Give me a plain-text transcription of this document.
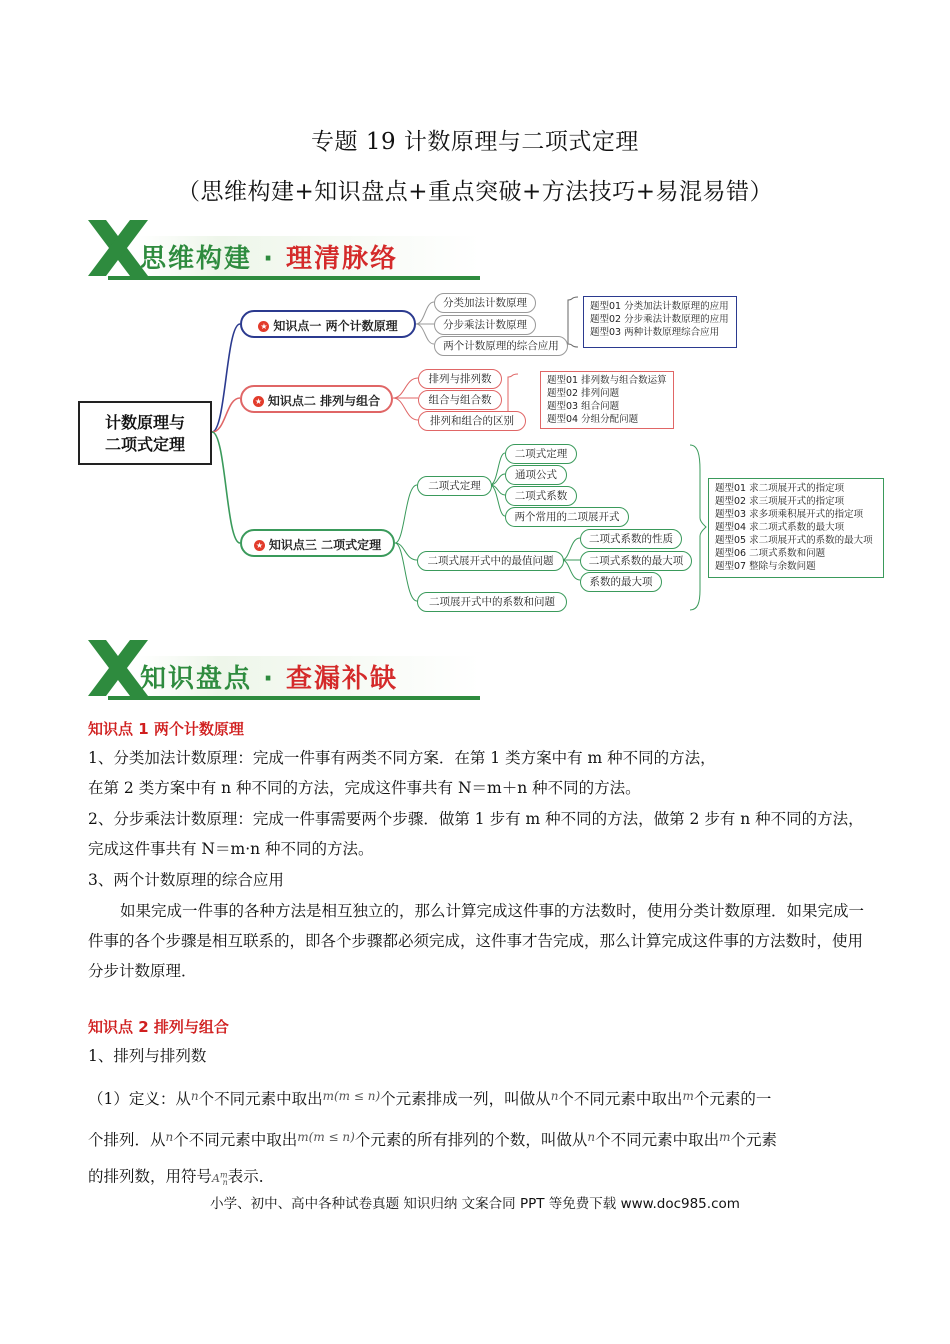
专题 19 计数原理与二项式定理
（思维构建+知识盘点+重点突破+方法技巧+易混易错）
思维构建 · 理清脉络
计数原理与
二项式定理
★ 知识点一 两个计数原理
分类加法计数原理
分步乘法计数原理
两个计数原理的综合应用
题型01 分类加法计数原理的应用
题型02 分步乘法计数原理的应用
题型03 两种计数原理综合应用
★ 知识点二 排列与组合
排列与排列数
组合与组合数
排列和组合的区别
题型01 排列数与组合数运算
题型02 排列问题
题型03 组合问题
题型04 分组分配问题
★ 知识点三 二项式定理
二项式定理
二项式定理
通项公式
二项式系数
两个常用的二项展开式
二项式展开式中的最值问题
二项式系数的性质
二项式系数的最大项
系数的最大项
二项展开式中的系数和问题
题型01 求二项展开式的指定项
题型02 求三项展开式的指定项
题型03 求多项乘积展开式的指定项
题型04 求二项式系数的最大项
题型05 求二项展开式的系数的最大项
题型06 二项式系数和问题
题型07 整除与余数问题
知识盘点 · 查漏补缺
知识点 1 两个计数原理
1、分类加法计数原理：完成一件事有两类不同方案．在第 1 类方案中有 m 种不同的方法，
在第 2 类方案中有 n 种不同的方法，完成这件事共有 N＝m＋n 种不同的方法。
2、分步乘法计数原理：完成一件事需要两个步骤．做第 1 步有 m 种不同的方法，做第 2 步有 n 种不同的方法，完成这件事共有 N＝m·n 种不同的方法。
3、两个计数原理的综合应用
如果完成一件事的各种方法是相互独立的，那么计算完成这件事的方法数时，使用分类计数原理．如果完成一件事的各个步骤是相互联系的，即各个步骤都必须完成，这件事才告完成，那么计算完成这件事的方法数时，使用分步计数原理．
知识点 2 排列与组合
1、排列与排列数
（1）定义：从$^n$个不同元素中取出$^{m(m \le n)}$个元素排成一列，叫做从$^n$个不同元素中取出$^m$个元素的一
个排列．从$^n$个不同元素中取出$^{m(m \le n)}$个元素的所有排列的个数，叫做从$^n$个不同元素中取出$^m$个元素
的排列数，用符号$A^m_n$表示．
小学、初中、高中各种试卷真题 知识归纳 文案合同 PPT 等免费下载 www.doc985.com
